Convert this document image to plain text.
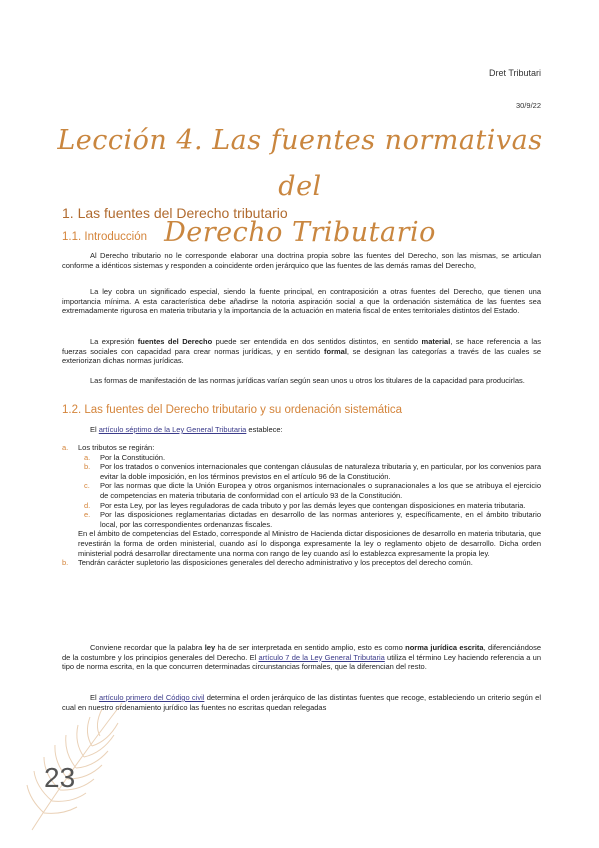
Dret Tributari
30/9/22
Lección 4. Las fuentes normativas del
Derecho Tributario
1. Las fuentes del Derecho tributario
1.1. Introducción

Al Derecho tributario no le corresponde elaborar una doctrina propia sobre las fuentes del Derecho, son las mismas, se articulan conforme a idénticos sistemas y responden a coincidente orden jerárquico que las fuentes de las demás ramas del Derecho,

La ley cobra un significado especial, siendo la fuente principal, en contraposición a otras fuentes del Derecho, que tienen una importancia mínima. A esta característica debe añadirse la notoria aspiración social a que la ordenación sistemática de las fuentes sea extremadamente rigurosa en materia tributaria y la importancia de la actuación en materia fiscal de entes territoriales distintos del Estado.

La expresión fuentes del Derecho puede ser entendida en dos sentidos distintos, en sentido material, se hace referencia a las fuerzas sociales con capacidad para crear normas jurídicas, y en sentido formal, se designan las categorías a través de las cuales se exteriorizan dichas normas jurídicas.

Las formas de manifestación de las normas jurídicas varían según sean unos u otros los titulares de la capacidad para producirlas.

1.2. Las fuentes del Derecho tributario y su ordenación sistemática

El artículo séptimo de la Ley General Tributaria establece:

a. Los tributos se regirán:
a. Por la Constitución.
b. Por los tratados o convenios internacionales que contengan cláusulas de naturaleza tributaria y, en particular, por los convenios para evitar la doble imposición, en los términos previstos en el artículo 96 de la Constitución.
c. Por las normas que dicte la Unión Europea y otros organismos internacionales o supranacionales a los que se atribuya el ejercicio de competencias en materia tributaria de conformidad con el artículo 93 de la Constitución.
d. Por esta Ley, por las leyes reguladoras de cada tributo y por las demás leyes que contengan disposiciones en materia tributaria.
e. Por las disposiciones reglamentarias dictadas en desarrollo de las normas anteriores y, específicamente, en el ámbito tributario local, por las correspondientes ordenanzas fiscales.
En el ámbito de competencias del Estado, corresponde al Ministro de Hacienda dictar disposiciones de desarrollo en materia tributaria, que revestirán la forma de orden ministerial, cuando así lo disponga expresamente la ley o reglamento objeto de desarrollo. Dicha orden ministerial podrá desarrollar directamente una norma con rango de ley cuando así lo establezca expresamente la propia ley.
b. Tendrán carácter supletorio las disposiciones generales del derecho administrativo y los preceptos del derecho común.

Conviene recordar que la palabra ley ha de ser interpretada en sentido amplio, esto es como norma jurídica escrita, diferenciándose de la costumbre y los principios generales del Derecho. El artículo 7 de la Ley General Tributaria utiliza el término Ley haciendo referencia a un tipo de norma escrita, en la que concurren determinadas circunstancias formales, que la diferencian del resto.

El artículo primero del Código civil determina el orden jerárquico de las distintas fuentes que recoge, estableciendo un criterio según el cual en nuestro ordenamiento jurídico las fuentes no escritas quedan relegadas

23
